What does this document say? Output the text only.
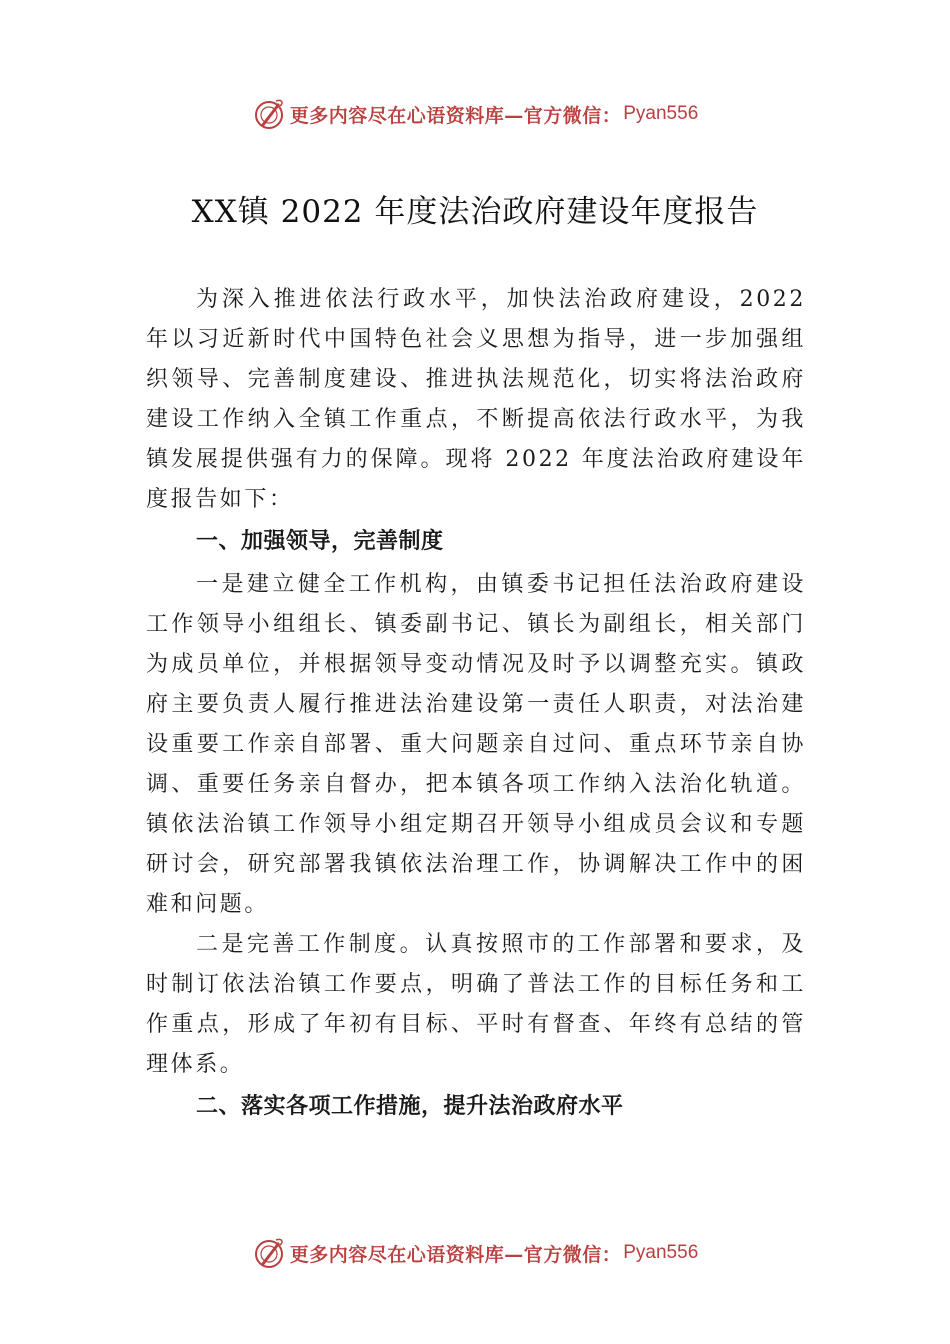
更多内容尽在心语资料库—官方微信： Pyan556
XX镇 2022 年度法治政府建设年度报告

为深入推进依法行政水平，加快法治政府建设，2022 年以习近新时代中国特色社会义思想为指导，进一步加强组织领导、完善制度建设、推进执法规范化，切实将法治政府建设工作纳入全镇工作重点，不断提高依法行政水平，为我镇发展提供强有力的保障。现将 2022 年度法治政府建设年度报告如下：

一、加强领导，完善制度

一是建立健全工作机构，由镇委书记担任法治政府建设工作领导小组组长、镇委副书记、镇长为副组长，相关部门为成员单位，并根据领导变动情况及时予以调整充实。镇政府主要负责人履行推进法治建设第一责任人职责，对法治建设重要工作亲自部署、重大问题亲自过问、重点环节亲自协调、重要任务亲自督办，把本镇各项工作纳入法治化轨道。镇依法治镇工作领导小组定期召开领导小组成员会议和专题研讨会，研究部署我镇依法治理工作，协调解决工作中的困难和问题。

二是完善工作制度。认真按照市的工作部署和要求，及时制订依法治镇工作要点，明确了普法工作的目标任务和工作重点，形成了年初有目标、平时有督查、年终有总结的管理体系。

二、落实各项工作措施，提升法治政府水平

更多内容尽在心语资料库—官方微信： Pyan556
